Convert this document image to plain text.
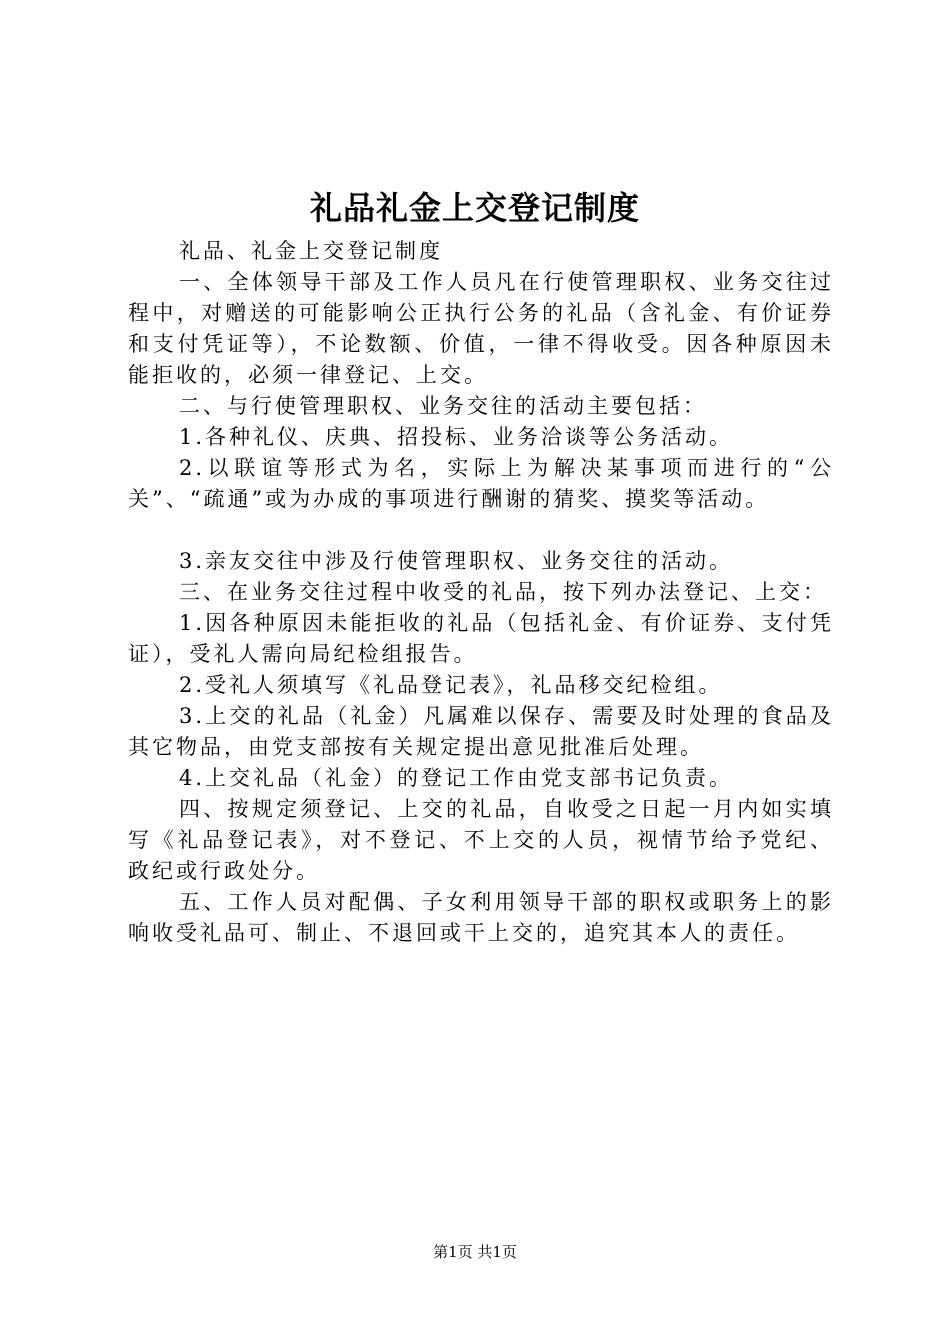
礼品礼金上交登记制度

礼品、礼金上交登记制度

一、全体领导干部及工作人员凡在行使管理职权、业务交往过程中，对赠送的可能影响公正执行公务的礼品（含礼金、有价证券和支付凭证等），不论数额、价值，一律不得收受。因各种原因未能拒收的，必须一律登记、上交。

二、与行使管理职权、业务交往的活动主要包括：

1.各种礼仪、庆典、招投标、业务洽谈等公务活动。

2.以联谊等形式为名，实际上为解决某事项而进行的“公关”、“疏通”或为办成的事项进行酬谢的猜奖、摸奖等活动。

3.亲友交往中涉及行使管理职权、业务交往的活动。

三、在业务交往过程中收受的礼品，按下列办法登记、上交：

1.因各种原因未能拒收的礼品（包括礼金、有价证券、支付凭证），受礼人需向局纪检组报告。

2.受礼人须填写《礼品登记表》，礼品移交纪检组。

3.上交的礼品（礼金）凡属难以保存、需要及时处理的食品及其它物品，由党支部按有关规定提出意见批准后处理。

4.上交礼品（礼金）的登记工作由党支部书记负责。

四、按规定须登记、上交的礼品，自收受之日起一月内如实填写《礼品登记表》，对不登记、不上交的人员，视情节给予党纪、政纪或行政处分。

五、工作人员对配偶、子女利用领导干部的职权或职务上的影响收受礼品可、制止、不退回或干上交的，追究其本人的责任。

第1页 共1页
